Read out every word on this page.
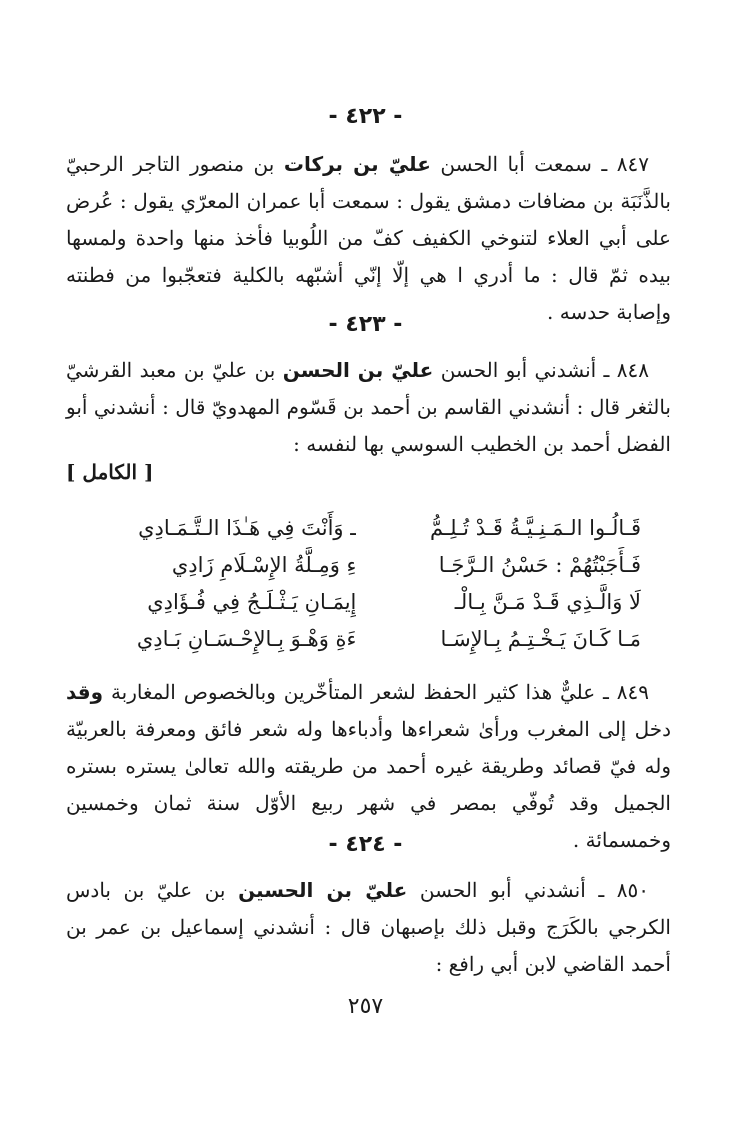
- ٤٢٢ -

٨٤٧ ـ سمعت أبا الحسن عليّ بن بركات بن منصور التاجر الرحبيّ بالذَّنَبَة بن مضافات دمشق يقول : سمعت أبا عمران المعرّي يقول : عُرض على أبي العلاء لتنوخي الكفيف كفّ من اللُوبيا فأخذ منها واحدة ولمسها بيده ثمّ قال : ما أدري ا هي إلّا إنّي أشبّهه بالكلية فتعجّبوا من فطنته وإصابة حدسه .

- ٤٢٣ -

٨٤٨ ـ أنشدني أبو الحسن عليّ بن الحسن بن عليّ بن معبد القرشيّ بالثغر قال : أنشدني القاسم بن أحمد بن قَسّوم المهدويّ قال : أنشدني أبو الفضل أحمد بن الخطيب السوسي بها لنفسه :

[ الكامل ]

قَـالُـوا الـمَـنِـيَّـةُ قَـدْ تُـلِـمُّ
ـ وَأَنْتَ فِي هَـٰذَا الـتَّـمَـادِي
فَـأَجَبْتُهُمْ : حَسْنُ الـرَّجَـا
ءِ وَمِـلَّةُ الإِسْـلَامِ زَادِي
لَا وَالَّـذِي قَـدْ مَـنَّ بِـالْـ
إِيمَـانِ يَـثْـلَـجُ فِي فُـؤَادِي
مَـا كَـانَ يَـخْـتِـمُ بِـالإِسَـا
ءَةِ وَهْـوَ بِـالإِحْـسَـانِ بَـادِي

٨٤٩ ـ عليٌّ هذا كثير الحفظ لشعر المتأخّرين وبالخصوص المغاربة وقد دخل إلى المغرب ورأىٰ شعراءها وأدباءها وله شعر فائق ومعرفة بالعربيّة وله فيّ قصائد وطريقة غيره أحمد من طريقته والله تعالىٰ يستره بستره الجميل وقد تُوفّي بمصر في شهر ربيع الأوّل سنة ثمان وخمسين وخمسمائة .

- ٤٢٤ -

٨٥٠ ـ أنشدني أبو الحسن عليّ بن الحسين بن عليّ بن بادس الكرجي بالكَرَج وقبل ذلك بإصبهان قال : أنشدني إسماعيل بن عمر بن أحمد القاضي لابن أبي رافع :

٢٥٧
